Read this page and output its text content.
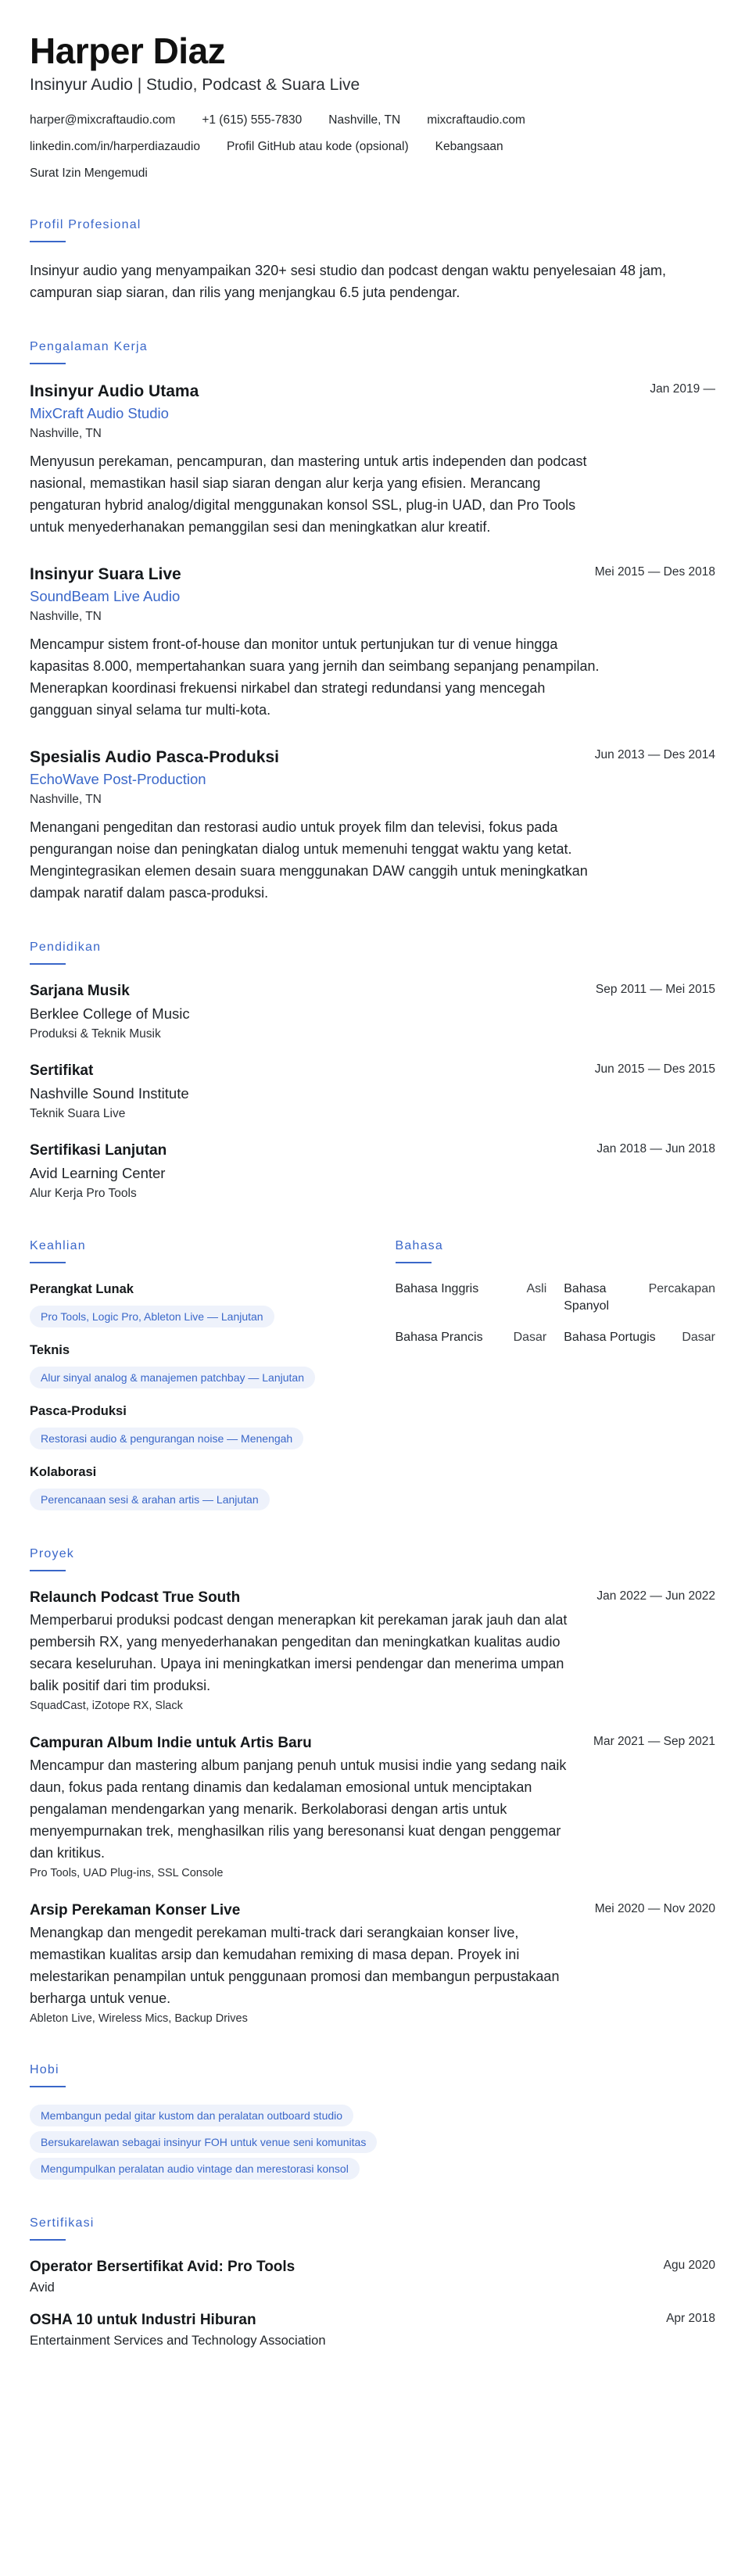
Harper Diaz
Insinyur Audio | Studio, Podcast & Suara Live
harper@mixcraftaudio.com +1 (615) 555-7830 Nashville, TN mixcraftaudio.com
linkedin.com/in/harperdiazaudio Profil GitHub atau kode (opsional) Kebangsaan
Surat Izin Mengemudi
Profil Profesional

Insinyur audio yang menyampaikan 320+ sesi studio dan podcast dengan waktu penyelesaian 48 jam, campuran siap siaran, dan rilis yang menjangkau 6.5 juta pendengar.

Pengalaman Kerja
Jan 2019 —
Insinyur Audio Utama
MixCraft Audio Studio
Nashville, TN

Menyusun perekaman, pencampuran, dan mastering untuk artis independen dan podcast nasional, memastikan hasil siap siaran dengan alur kerja yang efisien. Merancang pengaturan hybrid analog/digital menggunakan konsol SSL, plug-in UAD, dan Pro Tools untuk menyederhanakan pemanggilan sesi dan meningkatkan alur kreatif.

Mei 2015 — Des 2018
Insinyur Suara Live
SoundBeam Live Audio
Nashville, TN

Mencampur sistem front-of-house dan monitor untuk pertunjukan tur di venue hingga kapasitas 8.000, mempertahankan suara yang jernih dan seimbang sepanjang penampilan. Menerapkan koordinasi frekuensi nirkabel dan strategi redundansi yang mencegah gangguan sinyal selama tur multi-kota.

Jun 2013 — Des 2014
Spesialis Audio Pasca-Produksi
EchoWave Post-Production
Nashville, TN

Menangani pengeditan dan restorasi audio untuk proyek film dan televisi, fokus pada pengurangan noise dan peningkatan dialog untuk memenuhi tenggat waktu yang ketat. Mengintegrasikan elemen desain suara menggunakan DAW canggih untuk meningkatkan dampak naratif dalam pasca-produksi.

Pendidikan
Sep 2011 — Mei 2015
Sarjana Musik
Berklee College of Music
Produksi & Teknik Musik
Jun 2015 — Des 2015
Sertifikat
Nashville Sound Institute
Teknik Suara Live
Jan 2018 — Jun 2018
Sertifikasi Lanjutan
Avid Learning Center
Alur Kerja Pro Tools
Keahlian
Perangkat Lunak
Pro Tools, Logic Pro, Ableton Live — Lanjutan
Teknis
Alur sinyal analog & manajemen patchbay — Lanjutan
Pasca-Produksi
Restorasi audio & pengurangan noise — Menengah
Kolaborasi
Perencanaan sesi & arahan artis — Lanjutan
Bahasa
Bahasa Inggris	Asli Bahasa Spanyol
Percakapan
Bahasa Prancis Dasar Bahasa Portugis Dasar
Proyek
Jan 2022 — Jun 2022
Relaunch Podcast True South
Memperbarui produksi podcast dengan menerapkan kit perekaman jarak jauh dan alat pembersih RX, yang menyederhanakan pengeditan dan meningkatkan kualitas audio secara keseluruhan. Upaya ini meningkatkan imersi pendengar dan menerima umpan balik positif dari tim produksi.
SquadCast, iZotope RX, Slack
Mar 2021 — Sep 2021
Campuran Album Indie untuk Artis Baru
Mencampur dan mastering album panjang penuh untuk musisi indie yang sedang naik daun, fokus pada rentang dinamis dan kedalaman emosional untuk menciptakan pengalaman mendengarkan yang menarik. Berkolaborasi dengan artis untuk menyempurnakan trek, menghasilkan rilis yang beresonansi kuat dengan penggemar dan kritikus.
Pro Tools, UAD Plug-ins, SSL Console
Mei 2020 — Nov 2020
Arsip Perekaman Konser Live
Menangkap dan mengedit perekaman multi-track dari serangkaian konser live, memastikan kualitas arsip dan kemudahan remixing di masa depan. Proyek ini melestarikan penampilan untuk penggunaan promosi dan membangun perpustakaan berharga untuk venue.
Ableton Live, Wireless Mics, Backup Drives
Hobi
Membangun pedal gitar kustom dan peralatan outboard studio
Bersukarelawan sebagai insinyur FOH untuk venue seni komunitas
Mengumpulkan peralatan audio vintage dan merestorasi konsol
Sertifikasi
Agu 2020
Operator Bersertifikat Avid: Pro Tools
Avid
Apr 2018
OSHA 10 untuk Industri Hiburan
Entertainment Services and Technology Association
